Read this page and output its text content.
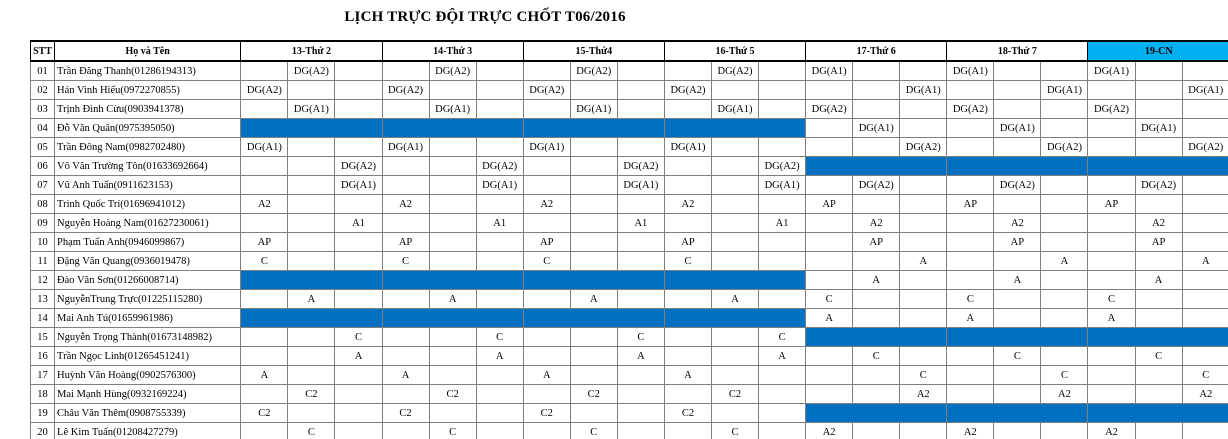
LỊCH TRỰC ĐỘI TRỰC CHỐT T06/2016
STT	Họ và Tên	13-Thứ 2			14-Thứ 3			15-Thứ4			16-Thứ 5			17-Thứ 6			18-Thứ 7			19-CN		
01	Trần Đăng Thanh(01286194313)		DG(A2)			DG(A2)			DG(A2)			DG(A2)		DG(A1)			DG(A1)			DG(A1)		
02	Hán Vinh Hiếu(0972270855)	DG(A2)			DG(A2)			DG(A2)			DG(A2)					DG(A1)			DG(A1)			DG(A1)
03	Trịnh Đình Cừu(0903941378)		DG(A1)			DG(A1)			DG(A1)			DG(A1)		DG(A2)			DG(A2)			DG(A2)		
04	Đỗ Văn Quân(0975395050)														DG(A1)			DG(A1)			DG(A1)	
05	Trần Đông Nam(0982702480)	DG(A1)			DG(A1)			DG(A1)			DG(A1)					DG(A2)			DG(A2)			DG(A2)
06	Võ Văn Trường Tôn(01633692664)			DG(A2)			DG(A2)			DG(A2)			DG(A2)									
07	Vũ Anh Tuấn(0911623153)			DG(A1)			DG(A1)			DG(A1)			DG(A1)		DG(A2)			DG(A2)			DG(A2)	
08	Trình Quốc Trí(01696941012)	A2			A2			A2			A2			AP			AP			AP		
09	Nguyễn Hoàng Nam(01627230061)			A1			A1			A1			A1		A2			A2			A2	
10	Phạm Tuấn Anh(0946099867)	AP			AP			AP			AP				AP			AP			AP	
11	Đặng Văn Quang(0936019478)	C			C			C			C					A			A			A
12	Đào Văn Sơn(01266008714)														A			A			A	
13	NguyễnTrung Trực(01225115280)		A			A			A			A		C			C			C		
14	Mai Anh Tú(01659961986)													A			A			A		
15	Nguyễn Trọng Thành(01673148982)			C			C			C			C									
16	Trần Ngọc Linh(01265451241)			A			A			A			A		C			C			C	
17	Huỳnh Văn Hoàng(0902576300)	A			A			A			A					C			C			C
18	Mai Mạnh Hùng(0932169224)		C2			C2			C2			C2				A2			A2			A2
19	Châu Văn Thêm(0908755339)	C2			C2			C2			C2											
20	Lê Kim Tuấn(01208427279)		C			C			C			C		A2			A2			A2		
